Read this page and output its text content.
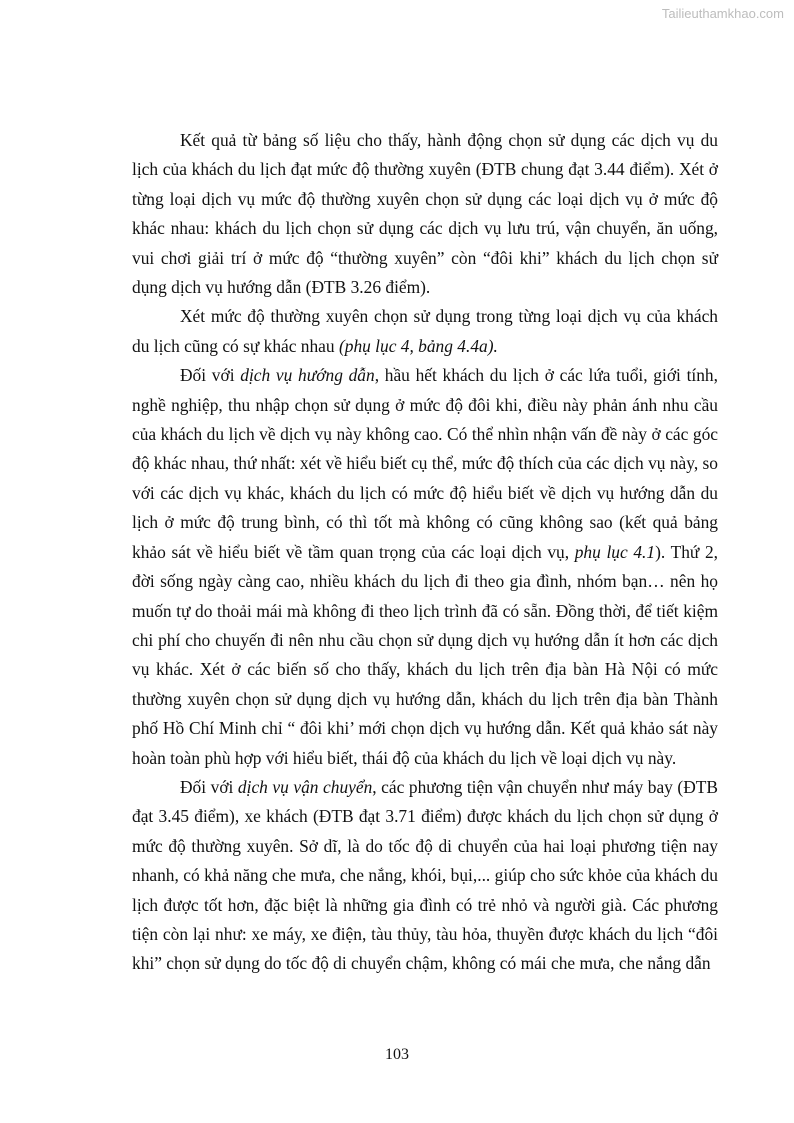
Tailieuthamkhao.com

Kết quả từ bảng số liệu cho thấy, hành động chọn sử dụng các dịch vụ du lịch của khách du lịch đạt mức độ thường xuyên (ĐTB chung đạt 3.44 điểm). Xét ở từng loại dịch vụ mức độ thường xuyên chọn sử dụng các loại dịch vụ ở mức độ khác nhau: khách du lịch chọn sử dụng các dịch vụ lưu trú, vận chuyển, ăn uống, vui chơi giải trí ở mức độ “thường xuyên” còn “đôi khi” khách du lịch chọn sử dụng dịch vụ hướng dẫn (ĐTB 3.26 điểm).

Xét mức độ thường xuyên chọn sử dụng trong từng loại dịch vụ của khách du lịch cũng có sự khác nhau (phụ lục 4, bảng 4.4a).

Đối với dịch vụ hướng dẫn, hầu hết khách du lịch ở các lứa tuổi, giới tính, nghề nghiệp, thu nhập chọn sử dụng ở mức độ đôi khi, điều này phản ánh nhu cầu của khách du lịch về dịch vụ này không cao. Có thể nhìn nhận vấn đề này ở các góc độ khác nhau, thứ nhất: xét về hiểu biết cụ thể, mức độ thích của các dịch vụ này, so với các dịch vụ khác, khách du lịch có mức độ hiểu biết về dịch vụ hướng dẫn du lịch ở mức độ trung bình, có thì tốt mà không có cũng không sao (kết quả bảng khảo sát về hiểu biết về tầm quan trọng của các loại dịch vụ, phụ lục 4.1). Thứ 2, đời sống ngày càng cao, nhiều khách du lịch đi theo gia đình, nhóm bạn… nên họ muốn tự do thoải mái mà không đi theo lịch trình đã có sẵn. Đồng thời, để tiết kiệm chi phí cho chuyến đi nên nhu cầu chọn sử dụng dịch vụ hướng dẫn ít hơn các dịch vụ khác. Xét ở các biến số cho thấy, khách du lịch trên địa bàn Hà Nội có mức thường xuyên chọn sử dụng dịch vụ hướng dẫn, khách du lịch trên địa bàn Thành phố Hồ Chí Minh chỉ “ đôi khi’ mới chọn dịch vụ hướng dẫn. Kết quả khảo sát này hoàn toàn phù hợp với hiểu biết, thái độ của khách du lịch về loại dịch vụ này.

Đối với dịch vụ vận chuyển, các phương tiện vận chuyển như máy bay (ĐTB đạt 3.45 điểm), xe khách (ĐTB đạt 3.71 điểm) được khách du lịch chọn sử dụng ở mức độ thường xuyên. Sở dĩ, là do tốc độ di chuyển của hai loại phương tiện nay nhanh, có khả năng che mưa, che nắng, khói, bụi,... giúp cho sức khỏe của khách du lịch được tốt hơn, đặc biệt là những gia đình có trẻ nhỏ và người già. Các phương tiện còn lại như: xe máy, xe điện, tàu thủy, tàu hỏa, thuyền được khách du lịch “đôi khi” chọn sử dụng do tốc độ di chuyển chậm, không có mái che mưa, che nắng dẫn

103
